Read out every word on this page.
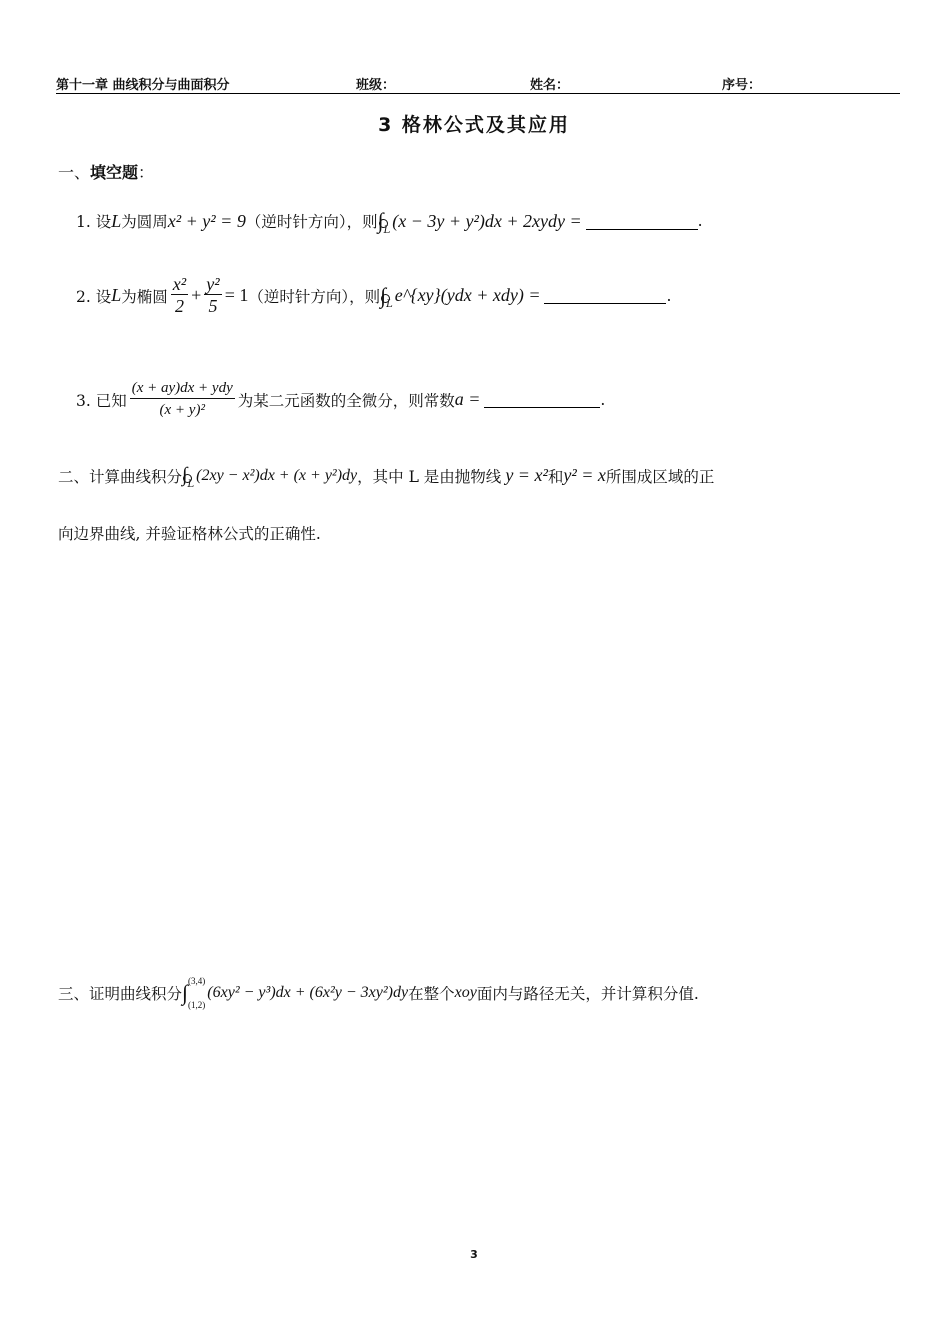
第十一章 曲线积分与曲面积分	班级：	姓名：	序号：
3 格林公式及其应用
一、填空题：
1. 设 L 为圆周 x² + y² = 9 （逆时针方向），则 ∫ L (x − 3y + y²)dx + 2xydy =	.
2. 设 L 为椭圆 $\frac{\text{x²}}{2} + \frac{\text{y²}}{5} = 1$ （逆时针方向），则 ∫ L e^{xy}(ydx + xdy) =	.
3. 已知 $\frac{\text{(x + ay)dx + ydy}}{\text{(x + y)²}}$ 为某二元函数的全微分，则常数 a =	.
二、计算曲线积分 ∫ L
(2xy − x²)dx + (x + y²)dy ，其中 L 是由抛物线 y = x² 和 y² = x 所围成区域的正
向边界曲线, 并验证格林公式的正确性.
三、证明曲线积分 ∫ (3,4)
(1,2)
(6xy² − y³)dx + (6x²y − 3xy²)dy 在整个 xoy 面内与路径无关，并计算积分值.
3
